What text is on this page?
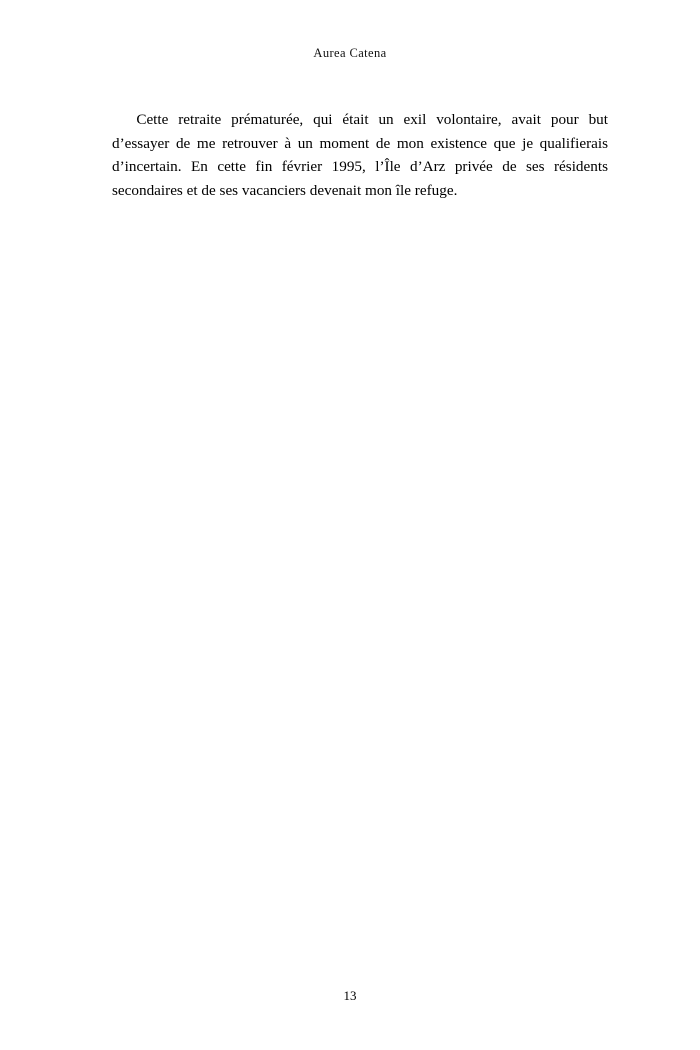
Aurea Catena

Cette retraite prématurée, qui était un exil volontaire, avait pour but d’essayer de me retrouver à un moment de mon existence que je qualifierais d’incertain. En cette fin février 1995, l’Île d’Arz privée de ses résidents secondaires et de ses vacanciers devenait mon île refuge.

13
